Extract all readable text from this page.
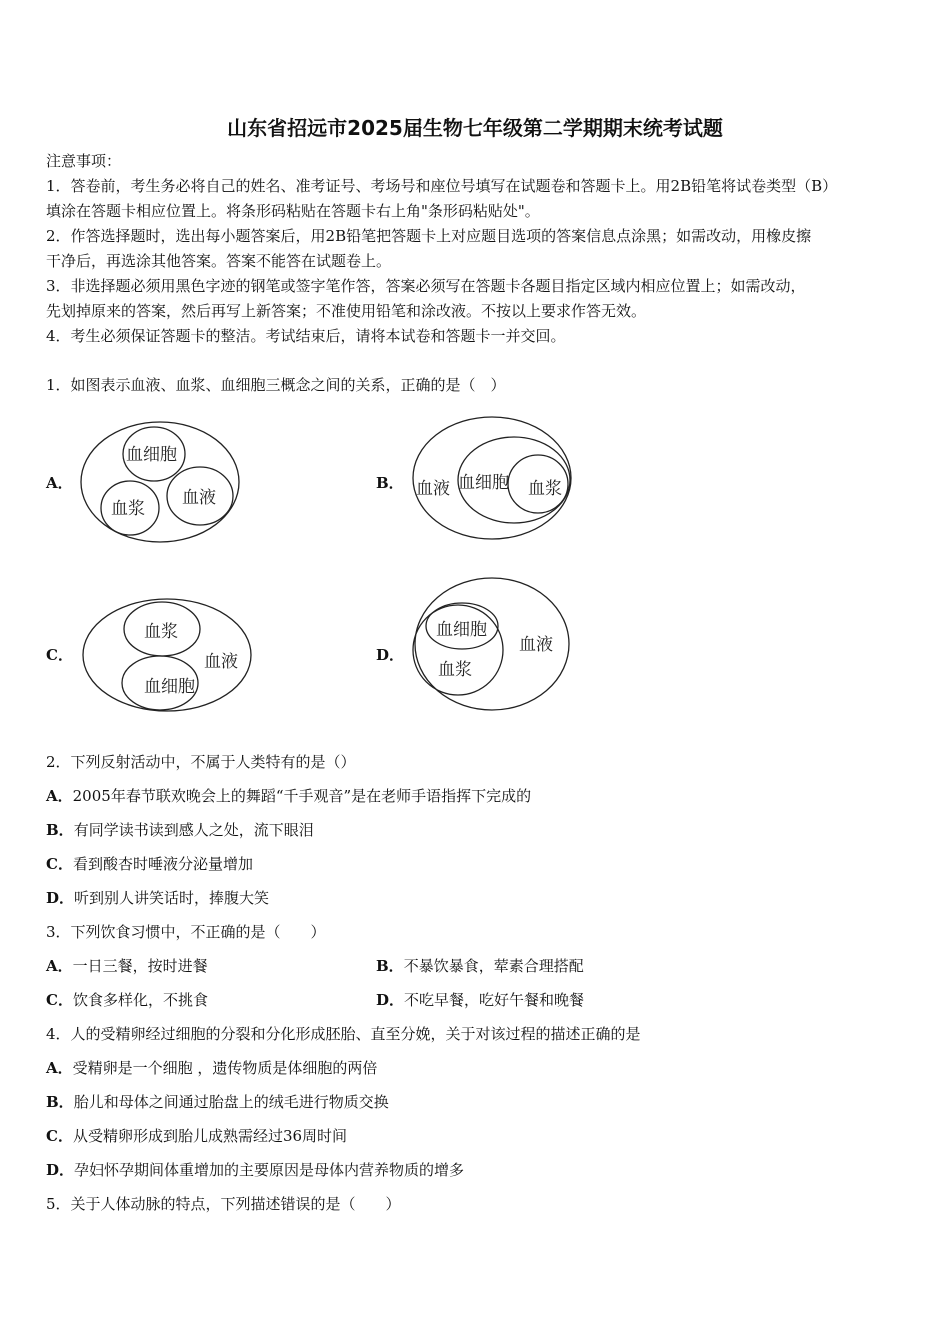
山东省招远市2025届生物七年级第二学期期末统考试题
注意事项：
1．答卷前，考生务必将自己的姓名、准考证号、考场号和座位号填写在试题卷和答题卡上。用2B铅笔将试卷类型（B）
填涂在答题卡相应位置上。将条形码粘贴在答题卡右上角"条形码粘贴处"。
2．作答选择题时，选出每小题答案后，用2B铅笔把答题卡上对应题目选项的答案信息点涂黑；如需改动，用橡皮擦
干净后，再选涂其他答案。答案不能答在试题卷上。
3．非选择题必须用黑色字迹的钢笔或签字笔作答，答案必须写在答题卡各题目指定区域内相应位置上；如需改动，
先划掉原来的答案，然后再写上新答案；不准使用铅笔和涂改液。不按以上要求作答无效。
4．考生必须保证答题卡的整洁。考试结束后，请将本试卷和答题卡一并交回。
1．如图表示血液、血浆、血细胞三概念之间的关系，正确的是（　）
A．
血细胞
血浆
血液
B． 血液 血细胞 血浆
C．
血浆
血液
血细胞
D．
血细胞
血浆
血液
2．下列反射活动中，不属于人类特有的是（）
A．2005年春节联欢晚会上的舞蹈“千手观音”是在老师手语指挥下完成的
B．有同学读书读到感人之处，流下眼泪
C．看到酸杏时唾液分泌量增加
D．听到别人讲笑话时，捧腹大笑
3．下列饮食习惯中，不正确的是（　　）
A．一日三餐，按时进餐	B．不暴饮暴食，荤素合理搭配
C．饮食多样化，不挑食	D．不吃早餐，吃好午餐和晚餐
4．人的受精卵经过细胞的分裂和分化形成胚胎、直至分娩，关于对该过程的描述正确的是
A．受精卵是一个细胞 ，遗传物质是体细胞的两倍
B．胎儿和母体之间通过胎盘上的绒毛进行物质交换
C．从受精卵形成到胎儿成熟需经过36周时间
D．孕妇怀孕期间体重增加的主要原因是母体内营养物质的增多
5．关于人体动脉的特点，下列描述错误的是（　　）
